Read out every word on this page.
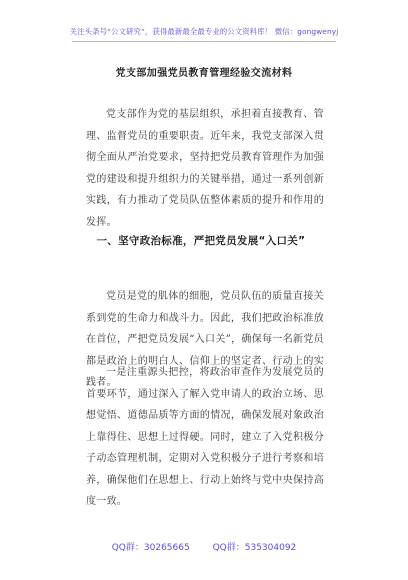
关注头条号“公文研究”，获得最新最全最专业的公文资料库！ 微信：gongwenyj
党支部加强党员教育管理经验交流材料

党支部作为党的基层组织，承担着直接教育、管理、监督党员的重要职责。近年来，我党支部深入贯彻全面从严治党要求，坚持把党员教育管理作为加强党的建设和提升组织力的关键举措，通过一系列创新实践，有力推动了党员队伍整体素质的提升和作用的发挥。

一、坚守政治标准，严把党员发展“入口关”

党员是党的肌体的细胞，党员队伍的质量直接关系到党的生命力和战斗力。因此，我们把政治标准放在首位，严把党员发展“入口关”，确保每一名新党员都是政治上的明白人、信仰上的坚定者、行动上的实践者。

一是注重源头把控，将政治审查作为发展党员的首要环节，通过深入了解入党申请人的政治立场、思想觉悟、道德品质等方面的情况，确保发展对象政治上靠得住、思想上过得硬。同时，建立了入党积极分子动态管理机制，定期对入党积极分子进行考察和培养，确保他们在思想上、行动上始终与党中央保持高度一致。

QQ群：30265665	QQ群：535304092
